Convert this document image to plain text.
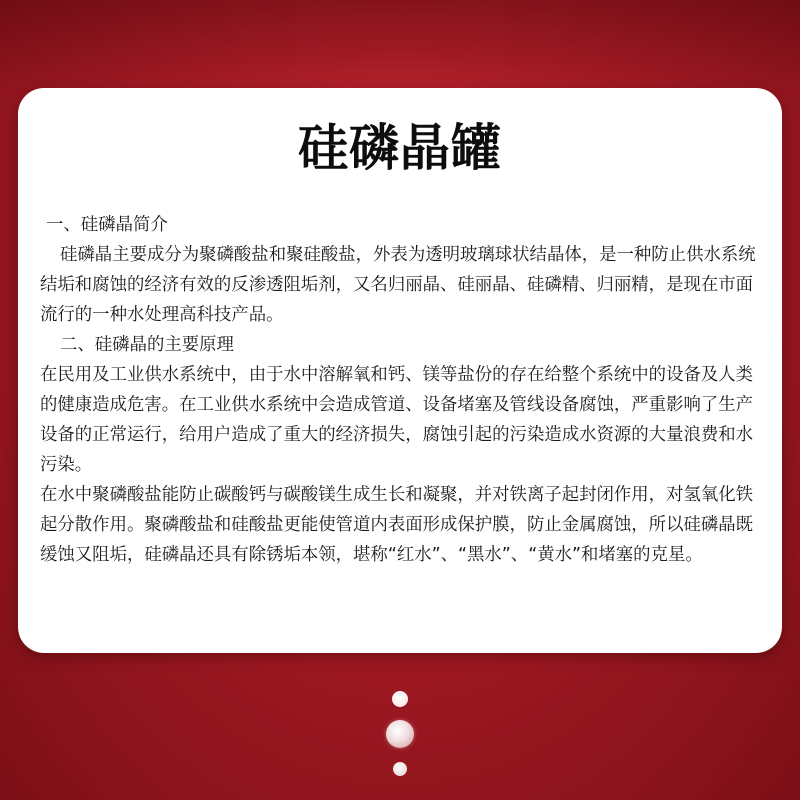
硅磷晶罐

一、硅磷晶简介

硅磷晶主要成分为聚磷酸盐和聚硅酸盐，外表为透明玻璃球状结晶体，是一种防止供水系统结垢和腐蚀的经济有效的反渗透阻垢剂，又名归丽晶、硅丽晶、硅磷精、归丽精，是现在市面流行的一种水处理高科技产品。

二、硅磷晶的主要原理

在民用及工业供水系统中，由于水中溶解氧和钙、镁等盐份的存在给整个系统中的设备及人类的健康造成危害。在工业供水系统中会造成管道、设备堵塞及管线设备腐蚀，严重影响了生产设备的正常运行，给用户造成了重大的经济损失，腐蚀引起的污染造成水资源的大量浪费和水污染。

在水中聚磷酸盐能防止碳酸钙与碳酸镁生成生长和凝聚，并对铁离子起封闭作用，对氢氧化铁起分散作用。聚磷酸盐和硅酸盐更能使管道内表面形成保护膜，防止金属腐蚀，所以硅磷晶既缓蚀又阻垢，硅磷晶还具有除锈垢本领，堪称“红水”、“黑水”、“黄水”和堵塞的克星。
